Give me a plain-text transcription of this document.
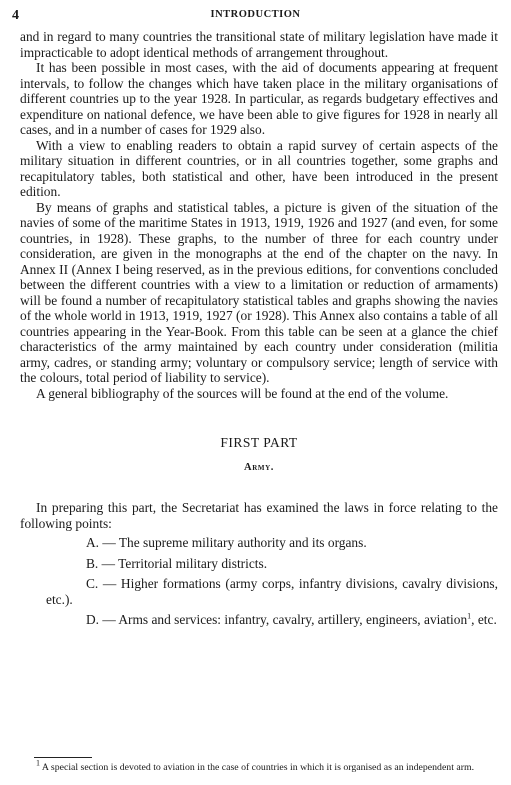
4	INTRODUCTION

and in regard to many countries the transitional state of military legislation have made it impracticable to adopt identical methods of arrangement throughout.

It has been possible in most cases, with the aid of documents appearing at frequent intervals, to follow the changes which have taken place in the military organisations of different countries up to the year 1928. In particular, as regards budgetary effectives and expenditure on national defence, we have been able to give figures for 1928 in nearly all cases, and in a number of cases for 1929 also.

With a view to enabling readers to obtain a rapid survey of certain aspects of the military situation in different countries, or in all countries together, some graphs and recapitulatory tables, both statistical and other, have been introduced in the present edition.

By means of graphs and statistical tables, a picture is given of the situation of the navies of some of the maritime States in 1913, 1919, 1926 and 1927 (and even, for some countries, in 1928). These graphs, to the number of three for each country under consideration, are given in the monographs at the end of the chapter on the navy. In Annex II (Annex I being reserved, as in the previous editions, for conventions concluded between the different countries with a view to a limitation or reduction of armaments) will be found a number of recapitulatory statistical tables and graphs showing the navies of the whole world in 1913, 1919, 1927 (or 1928). This Annex also contains a table of all countries appearing in the Year-Book. From this table can be seen at a glance the chief characteristics of the army maintained by each country under consideration (militia army, cadres, or standing army; voluntary or compulsory service; length of service with the colours, total period of liability to service).

A general bibliography of the sources will be found at the end of the volume.

FIRST PART
Army.

In preparing this part, the Secretariat has examined the laws in force relating to the following points:

A. — The supreme military authority and its organs.
B. — Territorial military districts.
C. — Higher formations (army corps, infantry divisions, cavalry divisions, etc.).
D. — Arms and services: infantry, cavalry, artillery, engineers, aviation$^1$, etc.
$^1$ A special section is devoted to aviation in the case of countries in which it is organised as an independent arm.
